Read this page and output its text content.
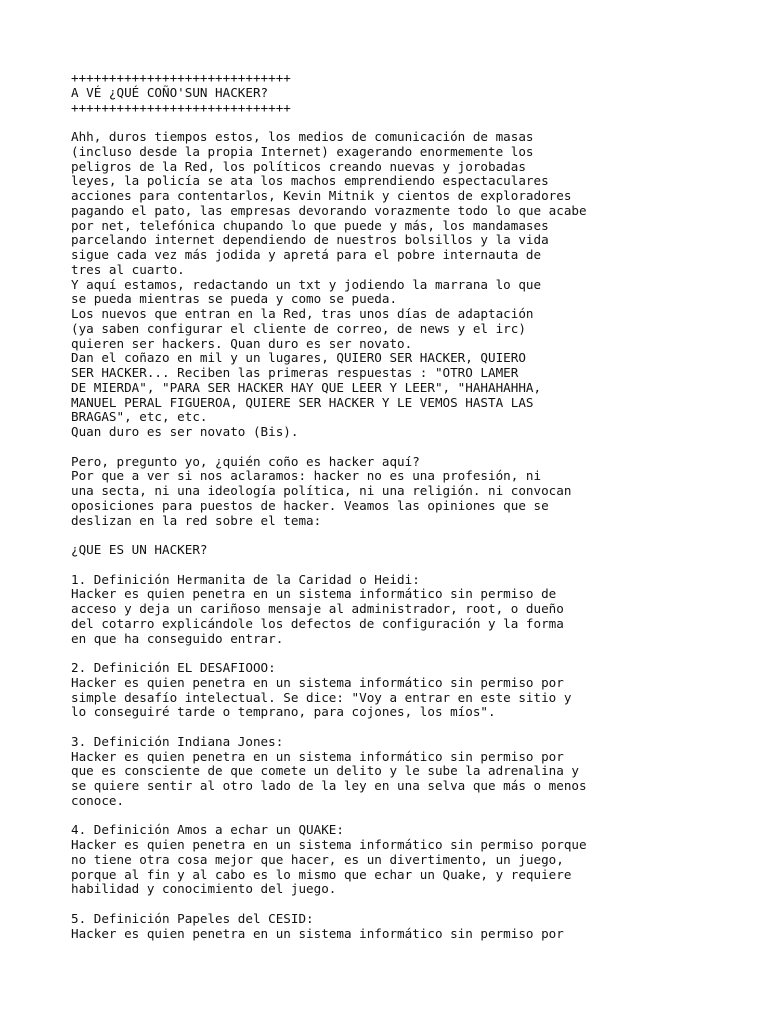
+++++++++++++++++++++++++++++
A VÉ ¿QUÉ COÑO'SUN HACKER?
+++++++++++++++++++++++++++++
Ahh, duros tiempos estos, los medios de comunicación de masas
(incluso desde la propia Internet) exagerando enormemente los
peligros de la Red, los políticos creando nuevas y jorobadas
leyes, la policía se ata los machos emprendiendo espectaculares
acciones para contentarlos, Kevin Mitnik y cientos de exploradores
pagando el pato, las empresas devorando vorazmente todo lo que acabe
por net, telefónica chupando lo que puede y más, los mandamases
parcelando internet dependiendo de nuestros bolsillos y la vida
sigue cada vez más jodida y apretá para el pobre internauta de
tres al cuarto.
Y aquí estamos, redactando un txt y jodiendo la marrana lo que
se pueda mientras se pueda y como se pueda.
Los nuevos que entran en la Red, tras unos días de adaptación
(ya saben configurar el cliente de correo, de news y el irc)
quieren ser hackers. Quan duro es ser novato.
Dan el coñazo en mil y un lugares, QUIERO SER HACKER, QUIERO
SER HACKER... Reciben las primeras respuestas : "OTRO LAMER
DE MIERDA", "PARA SER HACKER HAY QUE LEER Y LEER", "HAHAHAHHA,
MANUEL PERAL FIGUEROA, QUIERE SER HACKER Y LE VEMOS HASTA LAS
BRAGAS", etc, etc.
Quan duro es ser novato (Bis).
Pero, pregunto yo, ¿quién coño es hacker aquí?
Por que a ver si nos aclaramos: hacker no es una profesión, ni
una secta, ni una ideología política, ni una religión. ni convocan
oposiciones para puestos de hacker. Veamos las opiniones que se
deslizan en la red sobre el tema:
¿QUE ES UN HACKER?
1. Definición Hermanita de la Caridad o Heidi:
Hacker es quien penetra en un sistema informático sin permiso de
acceso y deja un cariñoso mensaje al administrador, root, o dueño
del cotarro explicándole los defectos de configuración y la forma
en que ha conseguido entrar.
2. Definición EL DESAFIOOO:
Hacker es quien penetra en un sistema informático sin permiso por
simple desafío intelectual. Se dice: "Voy a entrar en este sitio y
lo conseguiré tarde o temprano, para cojones, los míos".
3. Definición Indiana Jones:
Hacker es quien penetra en un sistema informático sin permiso por
que es consciente de que comete un delito y le sube la adrenalina y
se quiere sentir al otro lado de la ley en una selva que más o menos
conoce.
4. Definición Amos a echar un QUAKE:
Hacker es quien penetra en un sistema informático sin permiso porque
no tiene otra cosa mejor que hacer, es un divertimento, un juego,
porque al fin y al cabo es lo mismo que echar un Quake, y requiere
habilidad y conocimiento del juego.
5. Definición Papeles del CESID:
Hacker es quien penetra en un sistema informático sin permiso por
